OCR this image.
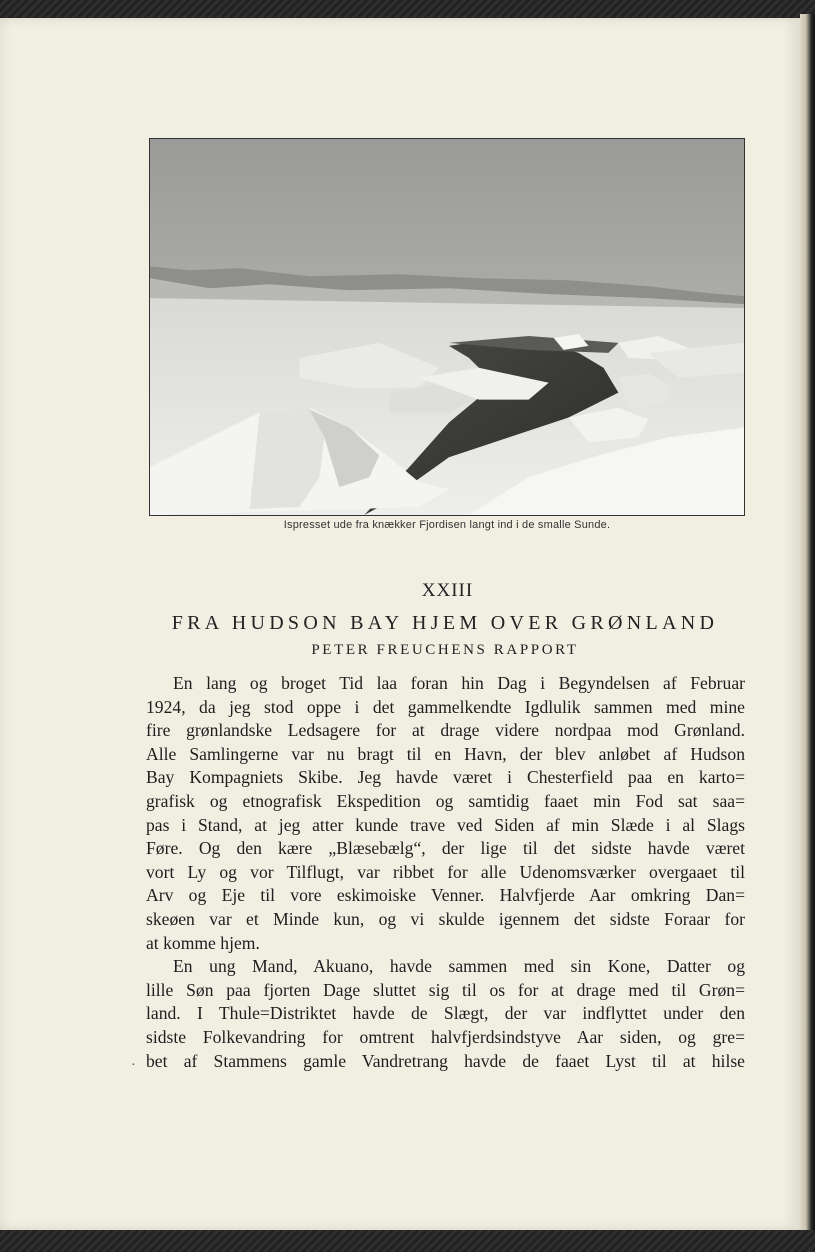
Ispresset ude fra knækker Fjordisen langt ind i de smalle Sunde.
XXIII
FRA HUDSON BAY HJEM OVER GRØNLAND
PETER FREUCHENS RAPPORT
En lang og broget Tid laa foran hin Dag i Begyndelsen af Februar
1924, da jeg stod oppe i det gammelkendte Igdlulik sammen med mine
fire grønlandske Ledsagere for at drage videre nordpaa mod Grønland.
Alle Samlingerne var nu bragt til en Havn, der blev anløbet af Hudson
Bay Kompagniets Skibe. Jeg havde været i Chesterfield paa en karto=
grafisk og etnografisk Ekspedition og samtidig faaet min Fod sat saa=
pas i Stand, at jeg atter kunde trave ved Siden af min Slæde i al Slags
Føre. Og den kære „Blæsebælg“, der lige til det sidste havde været
vort Ly og vor Tilflugt, var ribbet for alle Udenomsværker overgaaet til
Arv og Eje til vore eskimoiske Venner. Halvfjerde Aar omkring Dan=
skeøen var et Minde kun, og vi skulde igennem det sidste Foraar for
at komme hjem.
En ung Mand, Akuano, havde sammen med sin Kone, Datter og
lille Søn paa fjorten Dage sluttet sig til os for at drage med til Grøn=
land. I Thule=Distriktet havde de Slægt, der var indflyttet under den
sidste Folkevandring for omtrent halvfjerdsindstyve Aar siden, og gre=
bet af Stammens gamle Vandretrang havde de faaet Lyst til at hilse
·
